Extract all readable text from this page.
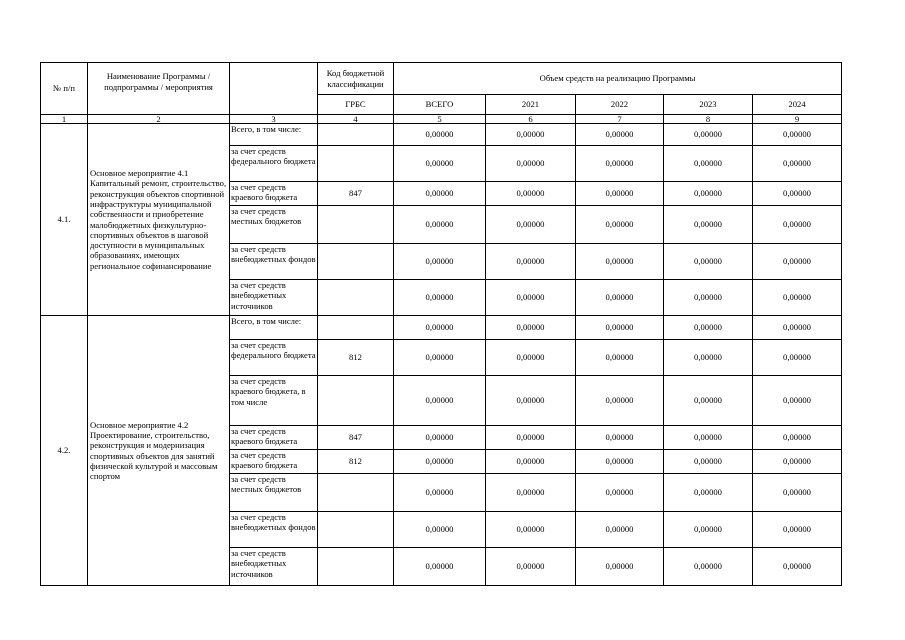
№ п/п	Наименование Программы / подпрограммы / мероприятия		Код бюджетной классификации	Объем средств на реализацию Программы				
			ГРБС	ВСЕГО	2021	2022	2023	2024
1	2	3	4	5	6	7	8	9
4.1.	Основное мероприятие 4.1 Капитальный ремонт, строительство, реконструкция объектов спортивной инфраструктуры муниципальной собственности и приобретение малобюджетных физкультурно-спортивных объектов в шаговой доступности в муниципальных образованиях, имеющих региональное софинансирование	Всего, в том числе:		0,00000	0,00000	0,00000	0,00000	0,00000
		за счет средств федерального бюджета		0,00000	0,00000	0,00000	0,00000	0,00000
		за счет средств краевого бюджета	847	0,00000	0,00000	0,00000	0,00000	0,00000
		за счет средств местных бюджетов		0,00000	0,00000	0,00000	0,00000	0,00000
		за счет средств внебюджетных фондов		0,00000	0,00000	0,00000	0,00000	0,00000
		за счет средств внебюджетных источников		0,00000	0,00000	0,00000	0,00000	0,00000
4.2.	Основное мероприятие 4.2 Проектирование, строительство, реконструкция и модернизация спортивных объектов для занятий физической культурой и массовым спортом	Всего, в том числе:		0,00000	0,00000	0,00000	0,00000	0,00000
		за счет средств федерального бюджета	812	0,00000	0,00000	0,00000	0,00000	0,00000
		за счет средств краевого бюджета, в том числе		0,00000	0,00000	0,00000	0,00000	0,00000
		за счет средств краевого бюджета	847	0,00000	0,00000	0,00000	0,00000	0,00000
		за счет средств краевого бюджета	812	0,00000	0,00000	0,00000	0,00000	0,00000
		за счет средств местных бюджетов		0,00000	0,00000	0,00000	0,00000	0,00000
		за счет средств внебюджетных фондов		0,00000	0,00000	0,00000	0,00000	0,00000
		за счет средств внебюджетных источников		0,00000	0,00000	0,00000	0,00000	0,00000
